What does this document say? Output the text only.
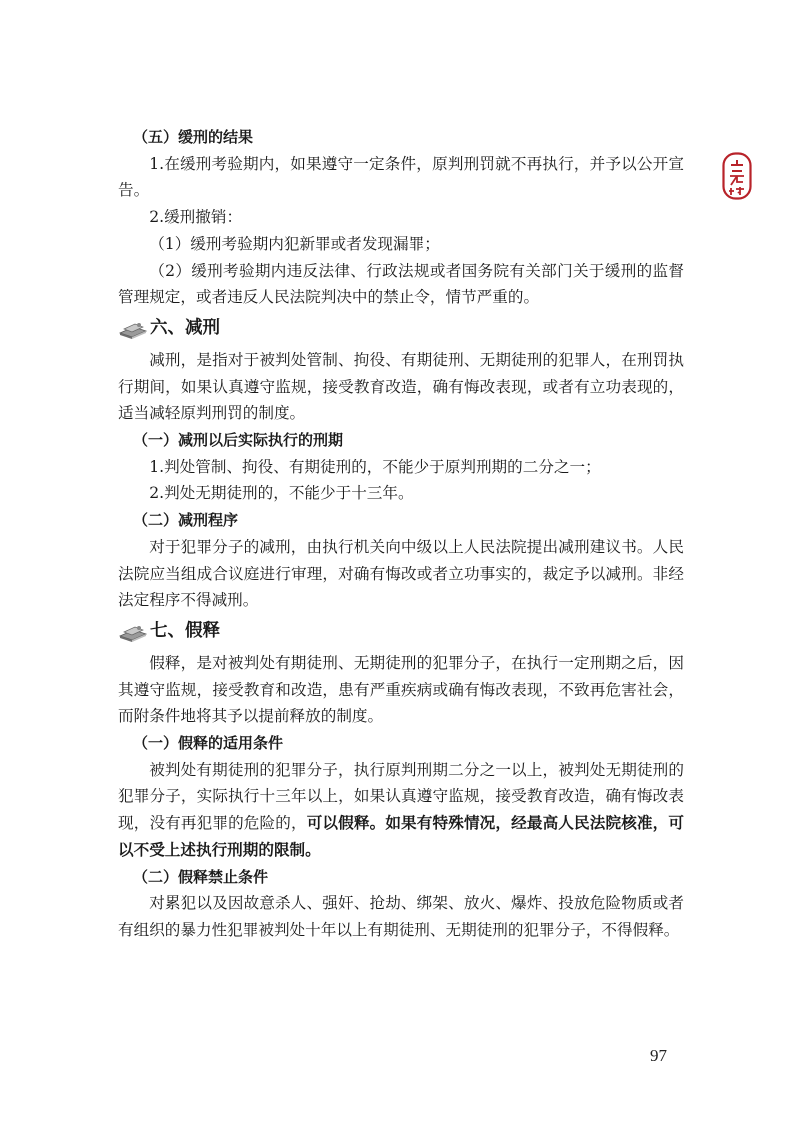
（五）缓刑的结果

1.在缓刑考验期内，如果遵守一定条件，原判刑罚就不再执行，并予以公开宣告。

2.缓刑撤销：

（1）缓刑考验期内犯新罪或者发现漏罪；

（2）缓刑考验期内违反法律、行政法规或者国务院有关部门关于缓刑的监督管理规定，或者违反人民法院判决中的禁止令，情节严重的。

六、减刑

减刑，是指对于被判处管制、拘役、有期徒刑、无期徒刑的犯罪人，在刑罚执行期间，如果认真遵守监规，接受教育改造，确有悔改表现，或者有立功表现的，适当减轻原判刑罚的制度。

（一）减刑以后实际执行的刑期

1.判处管制、拘役、有期徒刑的，不能少于原判刑期的二分之一；

2.判处无期徒刑的，不能少于十三年。

（二）减刑程序

对于犯罪分子的减刑，由执行机关向中级以上人民法院提出减刑建议书。人民法院应当组成合议庭进行审理，对确有悔改或者立功事实的，裁定予以减刑。非经法定程序不得减刑。

七、假释

假释，是对被判处有期徒刑、无期徒刑的犯罪分子，在执行一定刑期之后，因其遵守监规，接受教育和改造，患有严重疾病或确有悔改表现，不致再危害社会，而附条件地将其予以提前释放的制度。

（一）假释的适用条件

被判处有期徒刑的犯罪分子，执行原判刑期二分之一以上，被判处无期徒刑的犯罪分子，实际执行十三年以上，如果认真遵守监规，接受教育改造，确有悔改表现，没有再犯罪的危险的，可以假释。如果有特殊情况，经最高人民法院核准，可以不受上述执行刑期的限制。

（二）假释禁止条件

对累犯以及因故意杀人、强奸、抢劫、绑架、放火、爆炸、投放危险物质或者有组织的暴力性犯罪被判处十年以上有期徒刑、无期徒刑的犯罪分子，不得假释。

97
